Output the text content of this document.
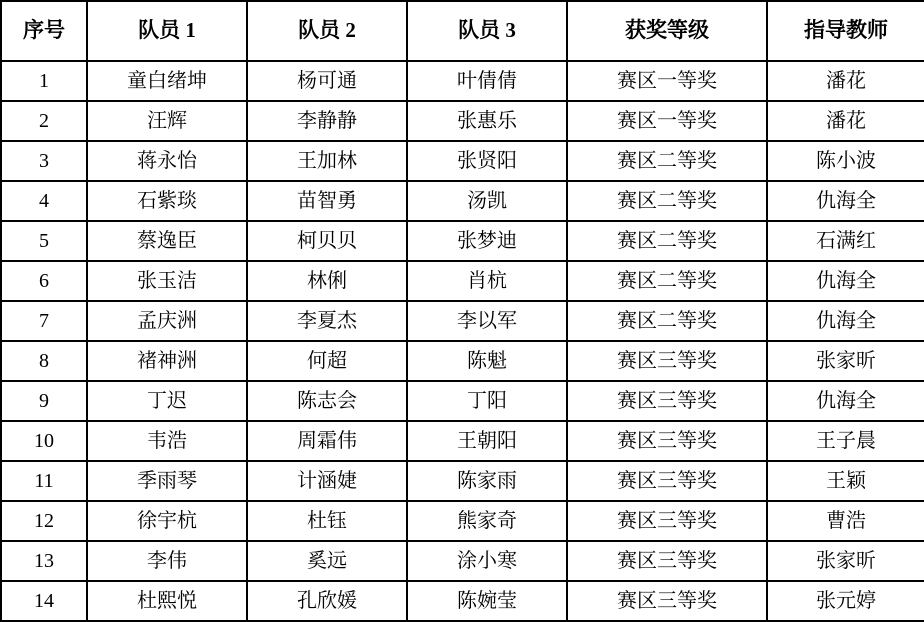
序号	队员 1	队员 2	队员 3	获奖等级	指导教师
1	童白绪坤	杨可通	叶倩倩	赛区一等奖	潘花
2	汪辉	李静静	张惠乐	赛区一等奖	潘花
3	蒋永怡	王加林	张贤阳	赛区二等奖	陈小波
4	石紫琰	苗智勇	汤凯	赛区二等奖	仇海全
5	蔡逸臣	柯贝贝	张梦迪	赛区二等奖	石满红
6	张玉洁	林俐	肖杭	赛区二等奖	仇海全
7	孟庆洲	李夏杰	李以军	赛区二等奖	仇海全
8	褚神洲	何超	陈魁	赛区三等奖	张家昕
9	丁迟	陈志会	丁阳	赛区三等奖	仇海全
10	韦浩	周霜伟	王朝阳	赛区三等奖	王子晨
11	季雨琴	计涵婕	陈家雨	赛区三等奖	王颖
12	徐宇杭	杜钰	熊家奇	赛区三等奖	曹浩
13	李伟	奚远	涂小寒	赛区三等奖	张家昕
14	杜熙悦	孔欣媛	陈婉莹	赛区三等奖	张元婷
